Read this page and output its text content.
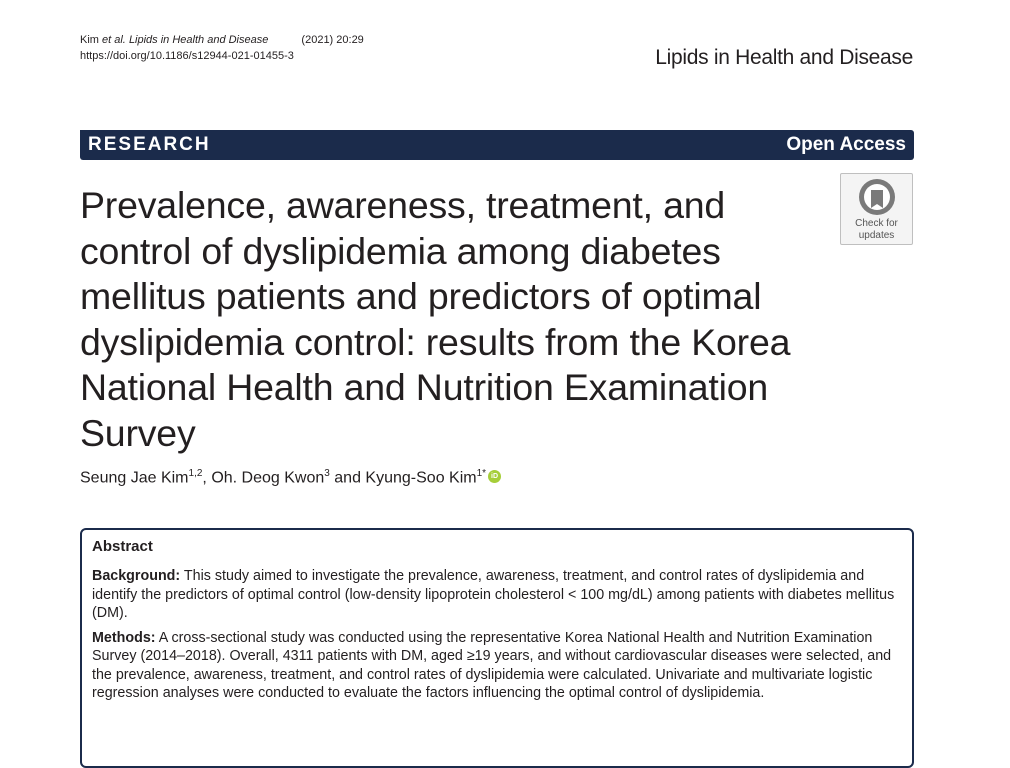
Kim et al. Lipids in Health and Disease	(2021) 20:29
https://doi.org/10.1186/s12944-021-01455-3	Lipids in Health and Disease
RESEARCH	Open Access
Prevalence, awareness, treatment, and control of dyslipidemia among diabetes mellitus patients and predictors of optimal dyslipidemia control: results from the Korea National Health and Nutrition Examination Survey
Check for
updates
Seung Jae Kim$^{1,2}$, Oh. Deog Kwon$^3$ and Kyung-Soo Kim$^{1*}$iD
Abstract

Background: This study aimed to investigate the prevalence, awareness, treatment, and control rates of dyslipidemia and identify the predictors of optimal control (low-density lipoprotein cholesterol < 100 mg/dL) among patients with diabetes mellitus (DM).

Methods: A cross-sectional study was conducted using the representative Korea National Health and Nutrition Examination Survey (2014–2018). Overall, 4311 patients with DM, aged ≥19 years, and without cardiovascular diseases were selected, and the prevalence, awareness, treatment, and control rates of dyslipidemia were calculated. Univariate and multivariate logistic regression analyses were conducted to evaluate the factors influencing the optimal control of dyslipidemia.
